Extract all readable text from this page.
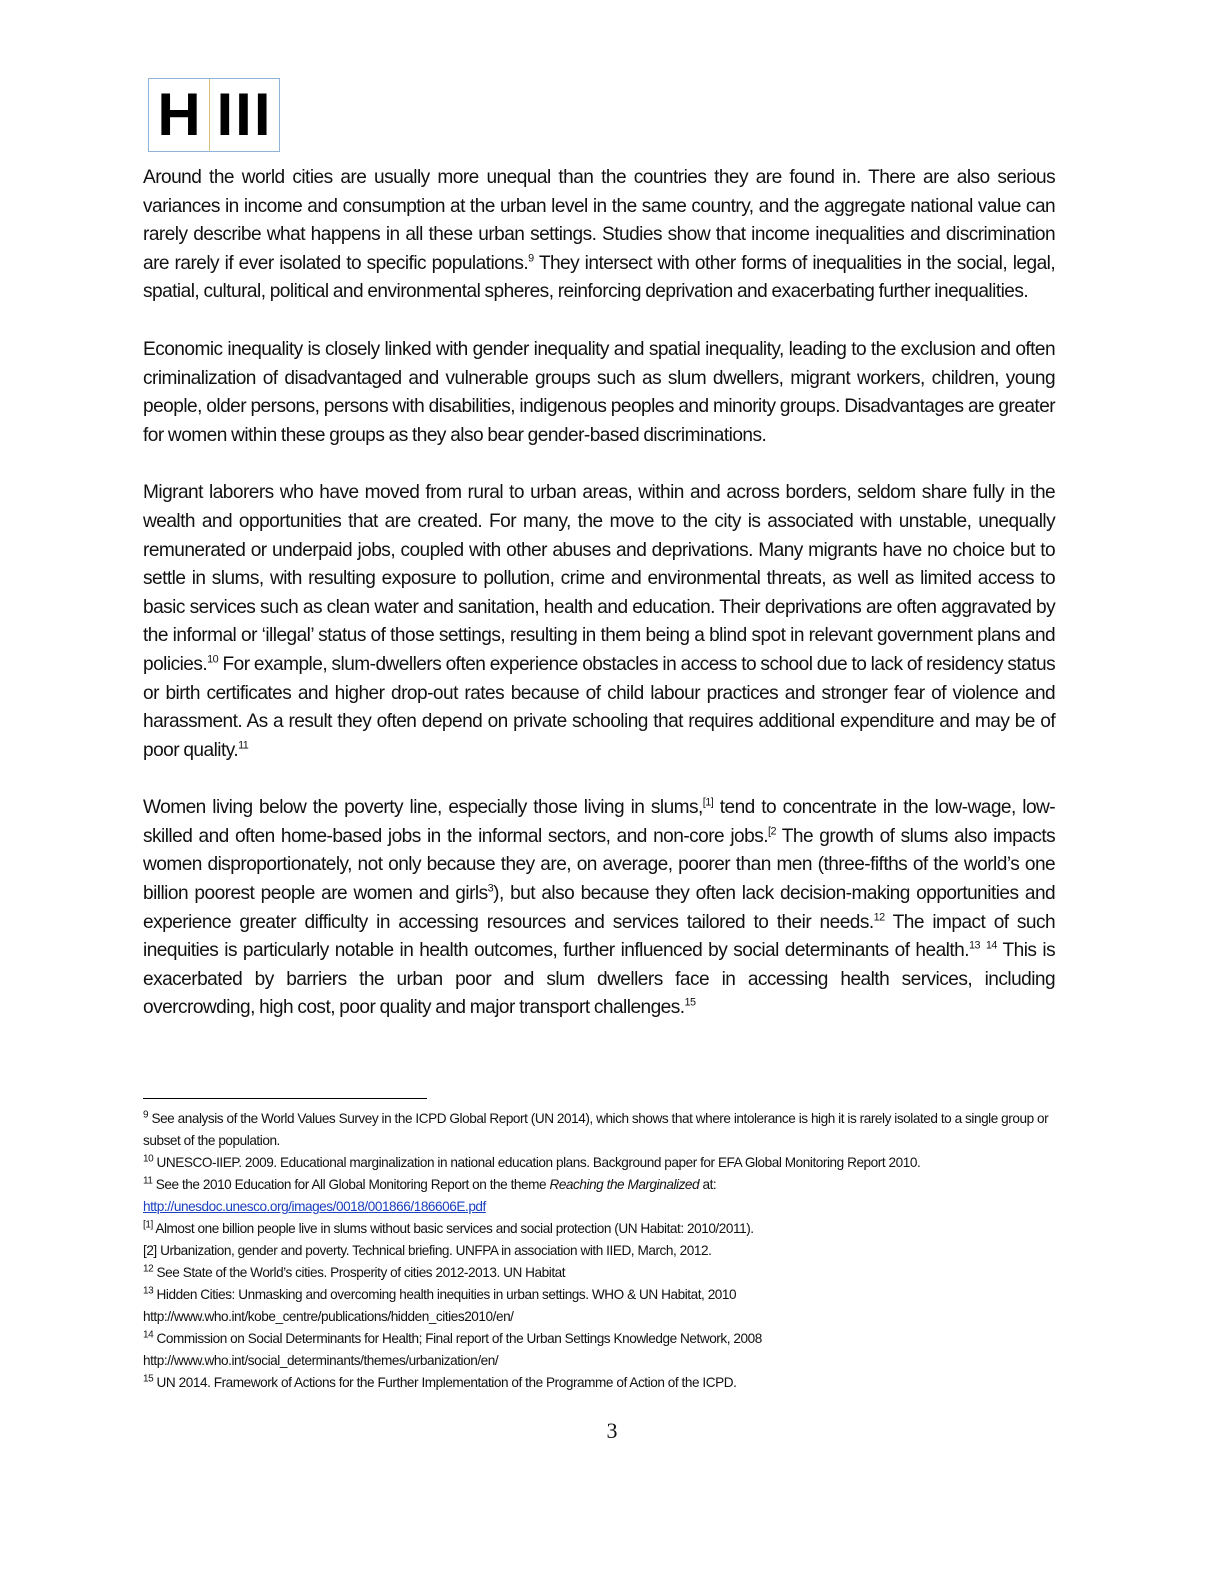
H III

Around the world cities are usually more unequal than the countries they are found in. There are also serious variances in income and consumption at the urban level in the same country, and the aggregate national value can rarely describe what happens in all these urban settings. Studies show that income inequalities and discrimination are rarely if ever isolated to specific populations.$^9$ They intersect with other forms of inequalities in the social, legal, spatial, cultural, political and environmental spheres, reinforcing deprivation and exacerbating further inequalities.

Economic inequality is closely linked with gender inequality and spatial inequality, leading to the exclusion and often criminalization of disadvantaged and vulnerable groups such as slum dwellers, migrant workers, children, young people, older persons, persons with disabilities, indigenous peoples and minority groups. Disadvantages are greater for women within these groups as they also bear gender-based discriminations.

Migrant laborers who have moved from rural to urban areas, within and across borders, seldom share fully in the wealth and opportunities that are created. For many, the move to the city is associated with unstable, unequally remunerated or underpaid jobs, coupled with other abuses and deprivations. Many migrants have no choice but to settle in slums, with resulting exposure to pollution, crime and environmental threats, as well as limited access to basic services such as clean water and sanitation, health and education. Their deprivations are often aggravated by the informal or ‘illegal’ status of those settings, resulting in them being a blind spot in relevant government plans and policies.$^{10}$ For example, slum-dwellers often experience obstacles in access to school due to lack of residency status or birth certificates and higher drop-out rates because of child labour practices and stronger fear of violence and harassment. As a result they often depend on private schooling that requires additional expenditure and may be of poor quality.$^{11}$

Women living below the poverty line, especially those living in slums,[1] tend to concentrate in the low-wage, low-skilled and often home-based jobs in the informal sectors, and non-core jobs.$^{[2}$ The growth of slums also impacts women disproportionately, not only because they are, on average, poorer than men (three-fifths of the world’s one billion poorest people are women and girls$^3$), but also because they often lack decision-making opportunities and experience greater difficulty in accessing resources and services tailored to their needs.$^{12}$ The impact of such inequities is particularly notable in health outcomes, further influenced by social determinants of health.$^{13}$ $^{14}$ This is exacerbated by barriers the urban poor and slum dwellers face in accessing health services, including overcrowding, high cost, poor quality and major transport challenges.$^{15}$

$^9$ See analysis of the World Values Survey in the ICPD Global Report (UN 2014), which shows that where intolerance is high it is rarely isolated to a single group or subset of the population.
$^{10}$ UNESCO-IIEP. 2009. Educational marginalization in national education plans. Background paper for EFA Global Monitoring Report 2010.
$^{11}$ See the 2010 Education for All Global Monitoring Report on the theme Reaching the Marginalized at:
http://unesdoc.unesco.org/images/0018/001866/186606E.pdf
[1] Almost one billion people live in slums without basic services and social protection (UN Habitat: 2010/2011).
[2] Urbanization, gender and poverty. Technical briefing. UNFPA in association with IIED, March, 2012.
$^{12}$ See State of the World’s cities. Prosperity of cities 2012-2013. UN Habitat
$^{13}$ Hidden Cities: Unmasking and overcoming health inequities in urban settings. WHO & UN Habitat, 2010
http://www.who.int/kobe_centre/publications/hidden_cities2010/en/
$^{14}$ Commission on Social Determinants for Health; Final report of the Urban Settings Knowledge Network, 2008
http://www.who.int/social_determinants/themes/urbanization/en/
$^{15}$ UN 2014. Framework of Actions for the Further Implementation of the Programme of Action of the ICPD.
3
